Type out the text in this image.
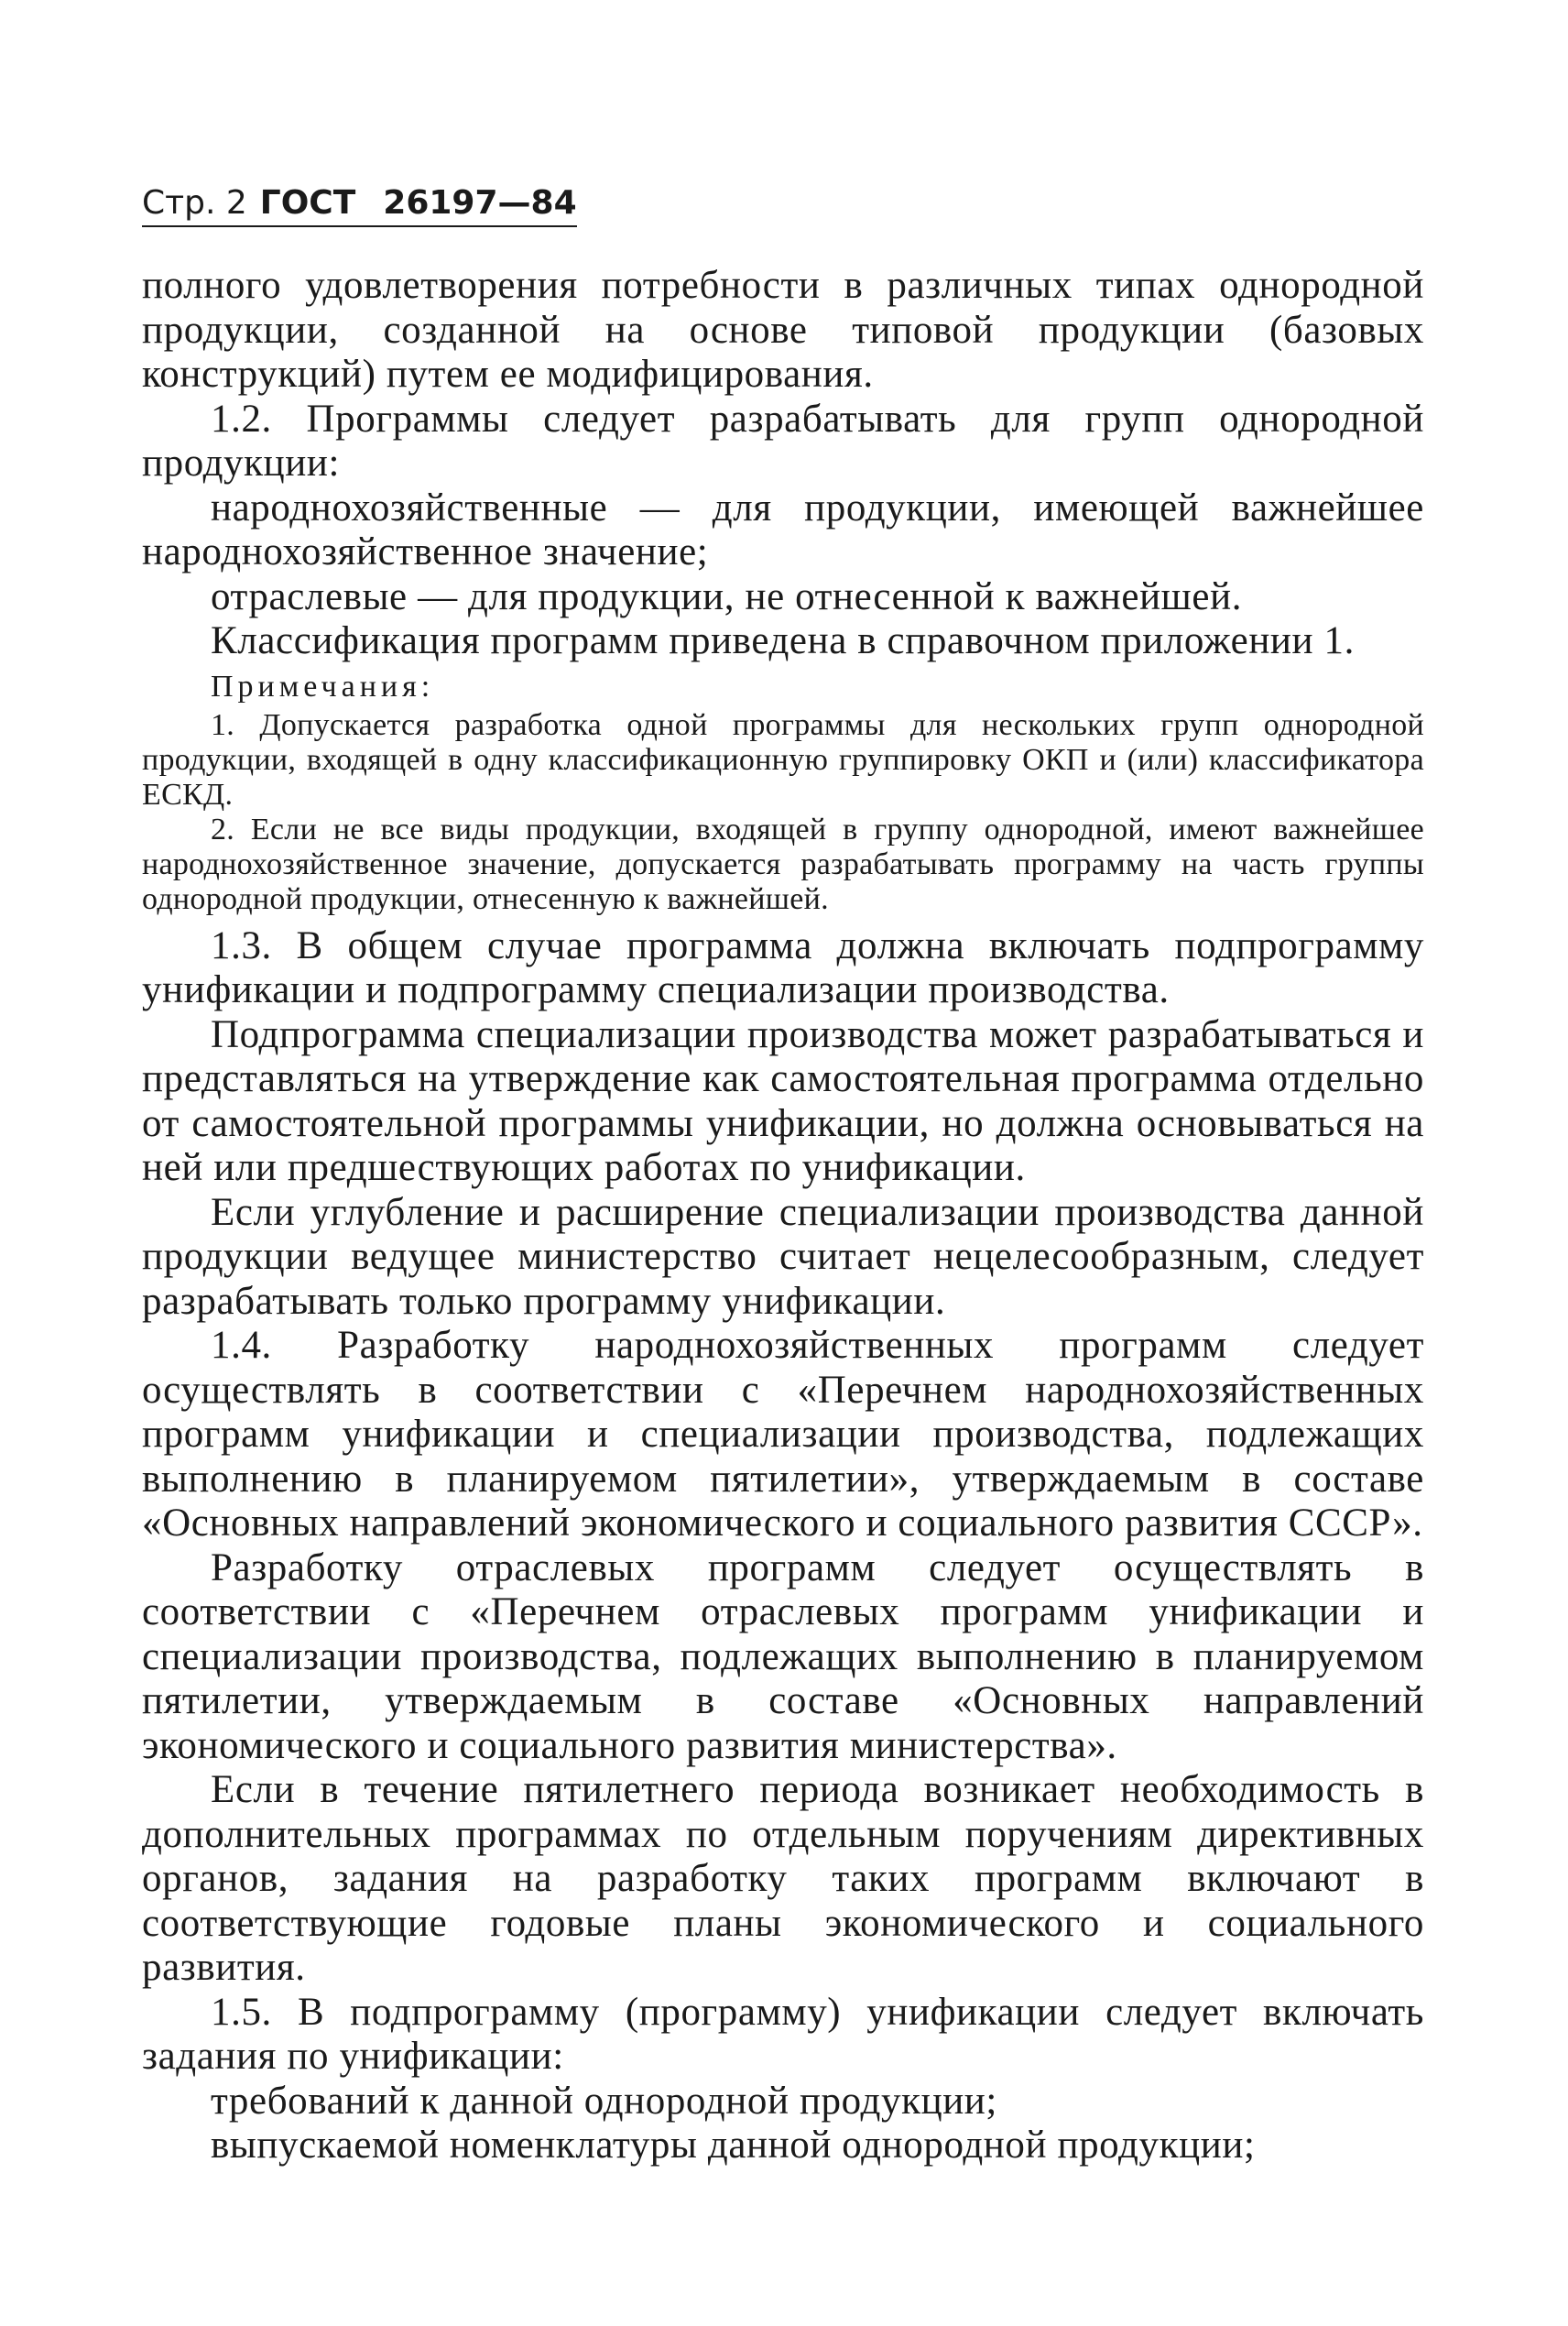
Стр. 2 ГОСТ 26197—84

полного удовлетворения потребности в различных типах однородной продукции, созданной на основе типовой продукции (базовых конструкций) путем ее модифицирования.

1.2. Программы следует разрабатывать для групп однородной продукции:

народнохозяйственные — для продукции, имеющей важнейшее народнохозяйственное значение;

отраслевые — для продукции, не отнесенной к важнейшей.

Классификация программ приведена в справочном приложении 1.

Примечания:

1. Допускается разработка одной программы для нескольких групп однородной продукции, входящей в одну классификационную группировку ОКП и (или) классификатора ЕСКД.

2. Если не все виды продукции, входящей в группу однородной, имеют важнейшее народнохозяйственное значение, допускается разрабатывать программу на часть группы однородной продукции, отнесенную к важнейшей.

1.3. В общем случае программа должна включать подпрограмму унификации и подпрограмму специализации производства.

Подпрограмма специализации производства может разрабатываться и представляться на утверждение как самостоятельная программа отдельно от самостоятельной программы унификации, но должна основываться на ней или предшествующих работах по унификации.

Если углубление и расширение специализации производства данной продукции ведущее министерство считает нецелесообразным, следует разрабатывать только программу унификации.

1.4. Разработку народнохозяйственных программ следует осуществлять в соответствии с «Перечнем народнохозяйственных программ унификации и специализации производства, подлежащих выполнению в планируемом пятилетии», утверждаемым в составе «Основных направлений экономического и социального развития СССР».

Разработку отраслевых программ следует осуществлять в соответствии с «Перечнем отраслевых программ унификации и специализации производства, подлежащих выполнению в планируемом пятилетии, утверждаемым в составе «Основных направлений экономического и социального развития министерства».

Если в течение пятилетнего периода возникает необходимость в дополнительных программах по отдельным поручениям директивных органов, задания на разработку таких программ включают в соответствующие годовые планы экономического и социального развития.

1.5. В подпрограмму (программу) унификации следует включать задания по унификации:

требований к данной однородной продукции;

выпускаемой номенклатуры данной однородной продукции;
